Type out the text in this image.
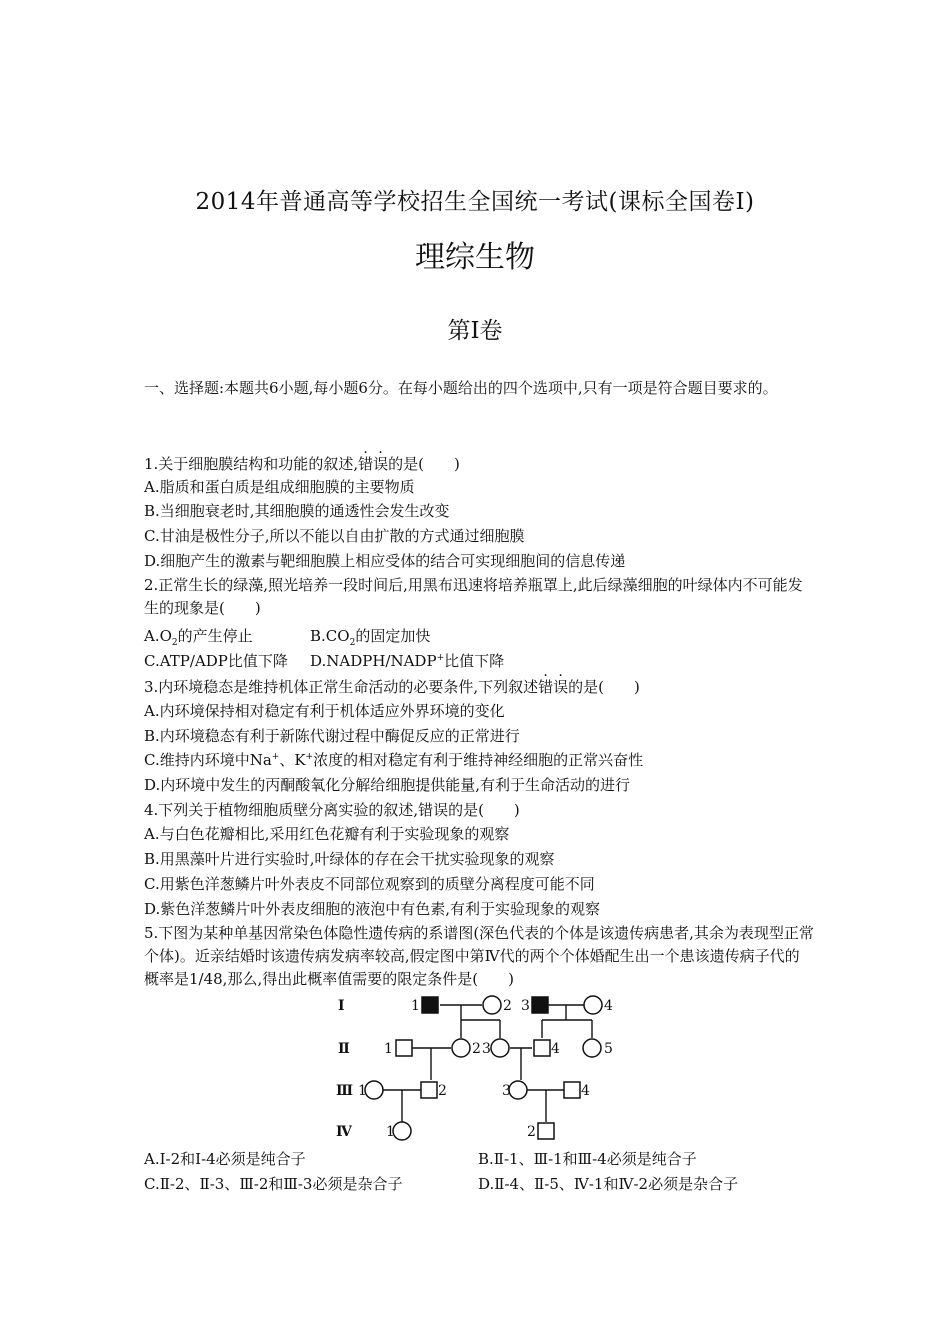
2014年普通高等学校招生全国统一考试(课标全国卷Ⅰ)
理综生物
第Ⅰ卷
一、选择题:本题共6小题,每小题6分。在每小题给出的四个选项中,只有一项是符合题目要求的。
1.关于细胞膜结构和功能的叙述,错误的是(　　)
A.脂质和蛋白质是组成细胞膜的主要物质
B.当细胞衰老时,其细胞膜的通透性会发生改变
C.甘油是极性分子,所以不能以自由扩散的方式通过细胞膜
D.细胞产生的激素与靶细胞膜上相应受体的结合可实现细胞间的信息传递
2.正常生长的绿藻,照光培养一段时间后,用黑布迅速将培养瓶罩上,此后绿藻细胞的叶绿体内不可能发生的现象是(　　)
$A.O_2$的产生停止	$B.CO_2$的固定加快
C.ATP/ADP比值下降 D.NADPH/NADP+比值下降
3.内环境稳态是维持机体正常生命活动的必要条件,下列叙述错误的是(　　)
A.内环境保持相对稳定有利于机体适应外界环境的变化
B.内环境稳态有利于新陈代谢过程中酶促反应的正常进行
C.维持内环境中Na+、K+浓度的相对稳定有利于维持神经细胞的正常兴奋性
D.内环境中发生的丙酮酸氧化分解给细胞提供能量,有利于生命活动的进行
4.下列关于植物细胞质壁分离实验的叙述,错误的是(　　)
A.与白色花瓣相比,采用红色花瓣有利于实验现象的观察
B.用黑藻叶片进行实验时,叶绿体的存在会干扰实验现象的观察
C.用紫色洋葱鳞片叶外表皮不同部位观察到的质壁分离程度可能不同
D.紫色洋葱鳞片叶外表皮细胞的液泡中有色素,有利于实验现象的观察
5.下图为某种单基因常染色体隐性遗传病的系谱图(深色代表的个体是该遗传病患者,其余为表现型正常个体)。近亲结婚时该遗传病发病率较高,假定图中第Ⅳ代的两个个体婚配生出一个患该遗传病子代的概率是1/48,那么,得出此概率值需要的限定条件是(　　)
Ⅰ
Ⅱ
Ⅲ
Ⅳ
1	2 3	4
1	2 3	4	5
1	2	3	4
1	2
A.Ⅰ-2和Ⅰ-4必须是纯合子	B.Ⅱ-1、Ⅲ-1和Ⅲ-4必须是纯合子
C.Ⅱ-2、Ⅱ-3、Ⅲ-2和Ⅲ-3必须是杂合子	D.Ⅱ-4、Ⅱ-5、Ⅳ-1和Ⅳ-2必须是杂合子
